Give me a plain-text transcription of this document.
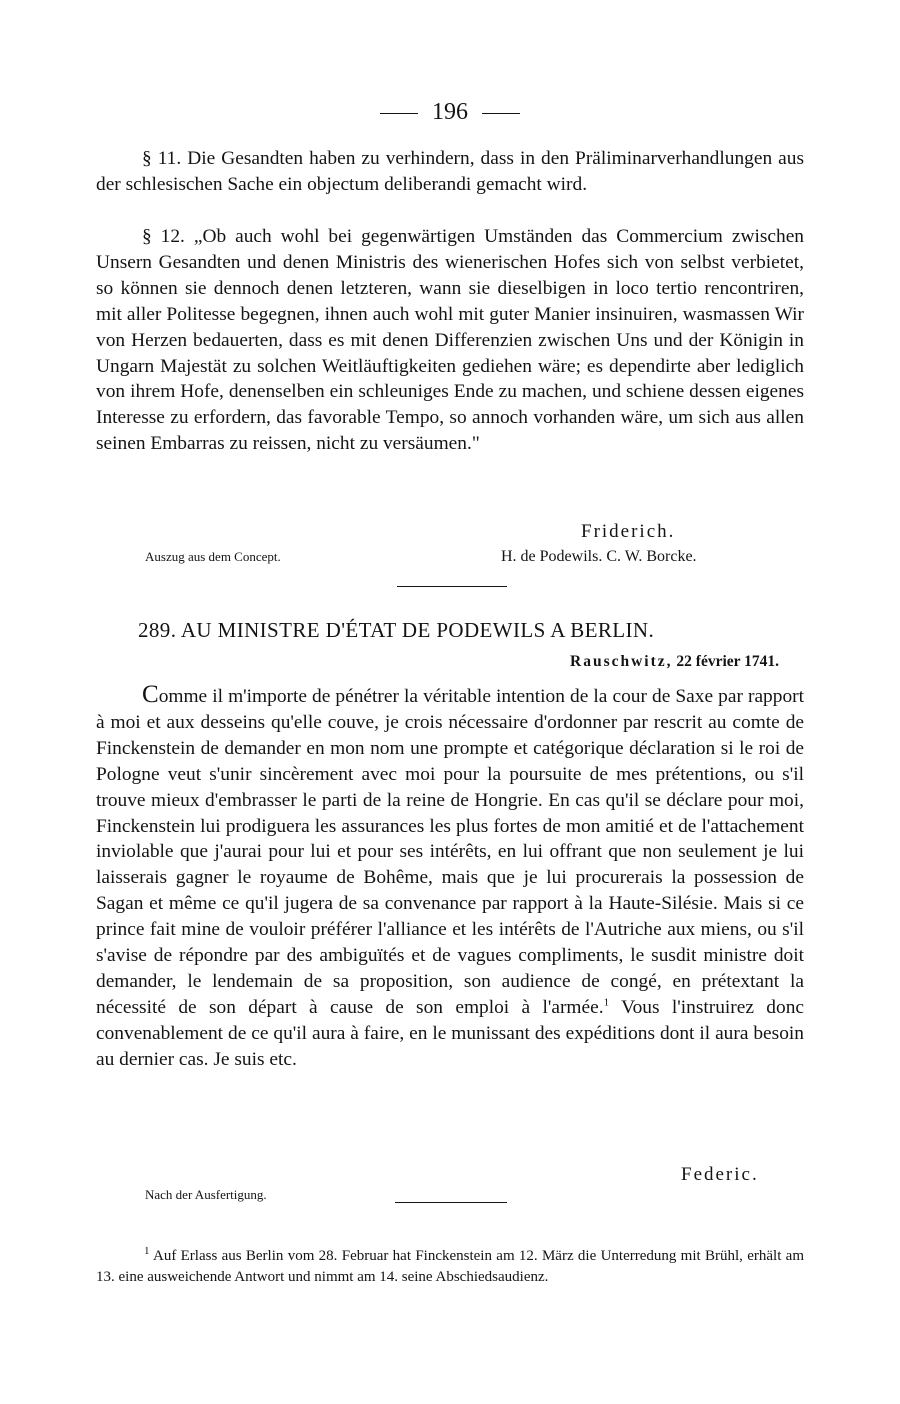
196

§ 11. Die Gesandten haben zu verhindern, dass in den Präliminarverhandlungen aus der schlesischen Sache ein objectum deliberandi gemacht wird.

§ 12. „Ob auch wohl bei gegenwärtigen Umständen das Commercium zwischen Unsern Gesandten und denen Ministris des wienerischen Hofes sich von selbst verbietet, so können sie dennoch denen letzteren, wann sie dieselbigen in loco tertio rencontriren, mit aller Politesse begegnen, ihnen auch wohl mit guter Manier insinuiren, wasmassen Wir von Herzen bedauerten, dass es mit denen Differenzien zwischen Uns und der Königin in Ungarn Majestät zu solchen Weitläuftigkeiten gediehen wäre; es dependirte aber lediglich von ihrem Hofe, denenselben ein schleuniges Ende zu machen, und schiene dessen eigenes Interesse zu erfordern, das favorable Tempo, so annoch vorhanden wäre, um sich aus allen seinen Embarras zu reissen, nicht zu versäumen."

Friderich.
Auszug aus dem Concept.	H. de Podewils. C. W. Borcke.
289. AU MINISTRE D'ÉTAT DE PODEWILS A BERLIN.
Rauschwitz, 22 février 1741.

Comme il m'importe de pénétrer la véritable intention de la cour de Saxe par rapport à moi et aux desseins qu'elle couve, je crois nécessaire d'ordonner par rescrit au comte de Finckenstein de demander en mon nom une prompte et catégorique déclaration si le roi de Pologne veut s'unir sincèrement avec moi pour la poursuite de mes prétentions, ou s'il trouve mieux d'embrasser le parti de la reine de Hongrie. En cas qu'il se déclare pour moi, Finckenstein lui prodiguera les assurances les plus fortes de mon amitié et de l'attachement inviolable que j'aurai pour lui et pour ses intérêts, en lui offrant que non seulement je lui laisserais gagner le royaume de Bohême, mais que je lui procurerais la possession de Sagan et même ce qu'il jugera de sa convenance par rapport à la Haute-Silésie. Mais si ce prince fait mine de vouloir préférer l'alliance et les intérêts de l'Autriche aux miens, ou s'il s'avise de répondre par des ambiguïtés et de vagues compliments, le susdit ministre doit demander, le lendemain de sa proposition, son audience de congé, en prétextant la nécessité de son départ à cause de son emploi à l'armée.$^1$ Vous l'instruirez donc convenablement de ce qu'il aura à faire, en le munissant des expéditions dont il aura besoin au dernier cas. Je suis etc.

Federic.
Nach der Ausfertigung.

$^1$ Auf Erlass aus Berlin vom 28. Februar hat Finckenstein am 12. März die Unterredung mit Brühl, erhält am 13. eine ausweichende Antwort und nimmt am 14. seine Abschiedsaudienz.
